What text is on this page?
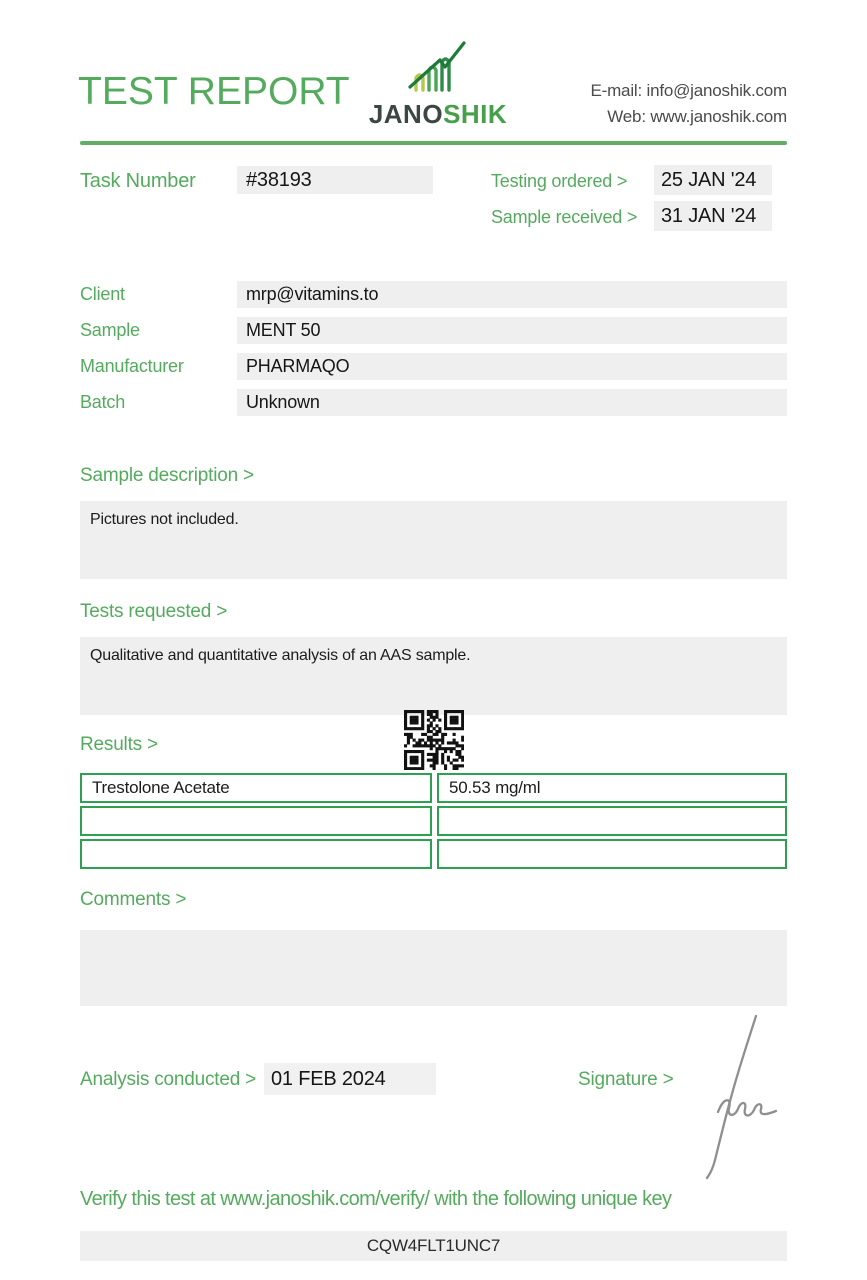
TEST REPORT
JANOSHIK
E-mail: info@janoshik.com
Web: www.janoshik.com
Task Number	#38193	Testing ordered >	25 JAN '24
Sample received >	31 JAN '24
Client	mrp@vitamins.to
Sample	MENT 50
Manufacturer	PHARMAQO
Batch	Unknown
Sample description >
Pictures not included.
Tests requested >
Qualitative and quantitative analysis of an AAS sample.
Results >
Trestolone Acetate	50.53 mg/ml
Comments >
Analysis conducted > 01 FEB 2024	Signature >
Verify this test at www.janoshik.com/verify/ with the following unique key
CQW4FLT1UNC7
